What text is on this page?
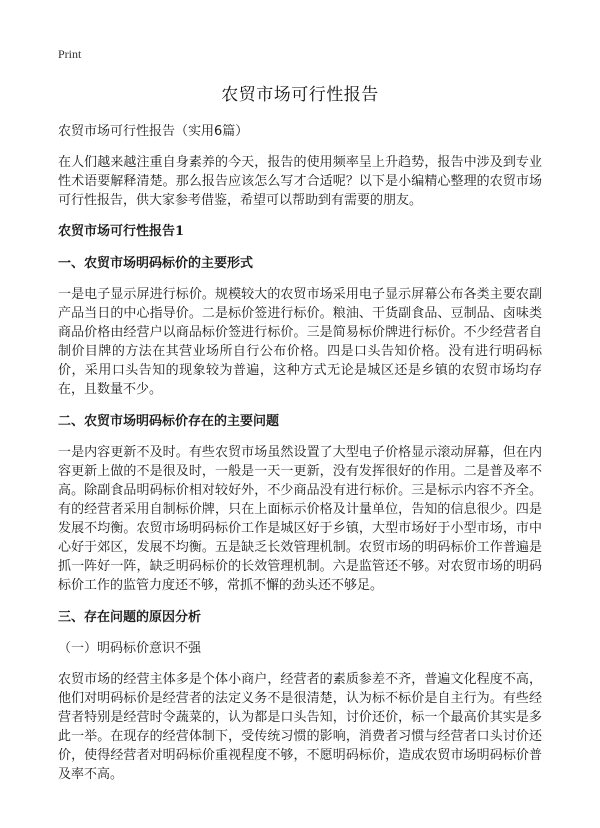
Print
农贸市场可行性报告

农贸市场可行性报告（实用6篇）

在人们越来越注重自身素养的今天，报告的使用频率呈上升趋势，报告中涉及到专业性术语要解释清楚。那么报告应该怎么写才合适呢？以下是小编精心整理的农贸市场可行性报告，供大家参考借鉴，希望可以帮助到有需要的朋友。

农贸市场可行性报告1
一、农贸市场明码标价的主要形式

一是电子显示屏进行标价。规模较大的农贸市场采用电子显示屏幕公布各类主要农副产品当日的中心指导价。二是标价签进行标价。粮油、干货副食品、豆制品、卤味类商品价格由经营户以商品标价签进行标价。三是简易标价牌进行标价。不少经营者自制价目牌的方法在其营业场所自行公布价格。四是口头告知价格。没有进行明码标价，采用口头告知的现象较为普遍，这种方式无论是城区还是乡镇的农贸市场均存在，且数量不少。

二、农贸市场明码标价存在的主要问题

一是内容更新不及时。有些农贸市场虽然设置了大型电子价格显示滚动屏幕，但在内容更新上做的不是很及时，一般是一天一更新，没有发挥很好的作用。二是普及率不高。除副食品明码标价相对较好外，不少商品没有进行标价。三是标示内容不齐全。有的经营者采用自制标价牌，只在上面标示价格及计量单位，告知的信息很少。四是发展不均衡。农贸市场明码标价工作是城区好于乡镇，大型市场好于小型市场，市中心好于郊区，发展不均衡。五是缺乏长效管理机制。农贸市场的明码标价工作普遍是抓一阵好一阵，缺乏明码标价的长效管理机制。六是监管还不够。对农贸市场的明码标价工作的监管力度还不够，常抓不懈的劲头还不够足。

三、存在问题的原因分析

（一）明码标价意识不强

农贸市场的经营主体多是个体小商户，经营者的素质参差不齐，普遍文化程度不高，他们对明码标价是经营者的法定义务不是很清楚，认为标不标价是自主行为。有些经营者特别是经营时令蔬菜的，认为都是口头告知，讨价还价，标一个最高价其实是多此一举。在现存的经营体制下，受传统习惯的影响，消费者习惯与经营者口头讨价还价，使得经营者对明码标价重视程度不够，不愿明码标价，造成农贸市场明码标价普及率不高。
